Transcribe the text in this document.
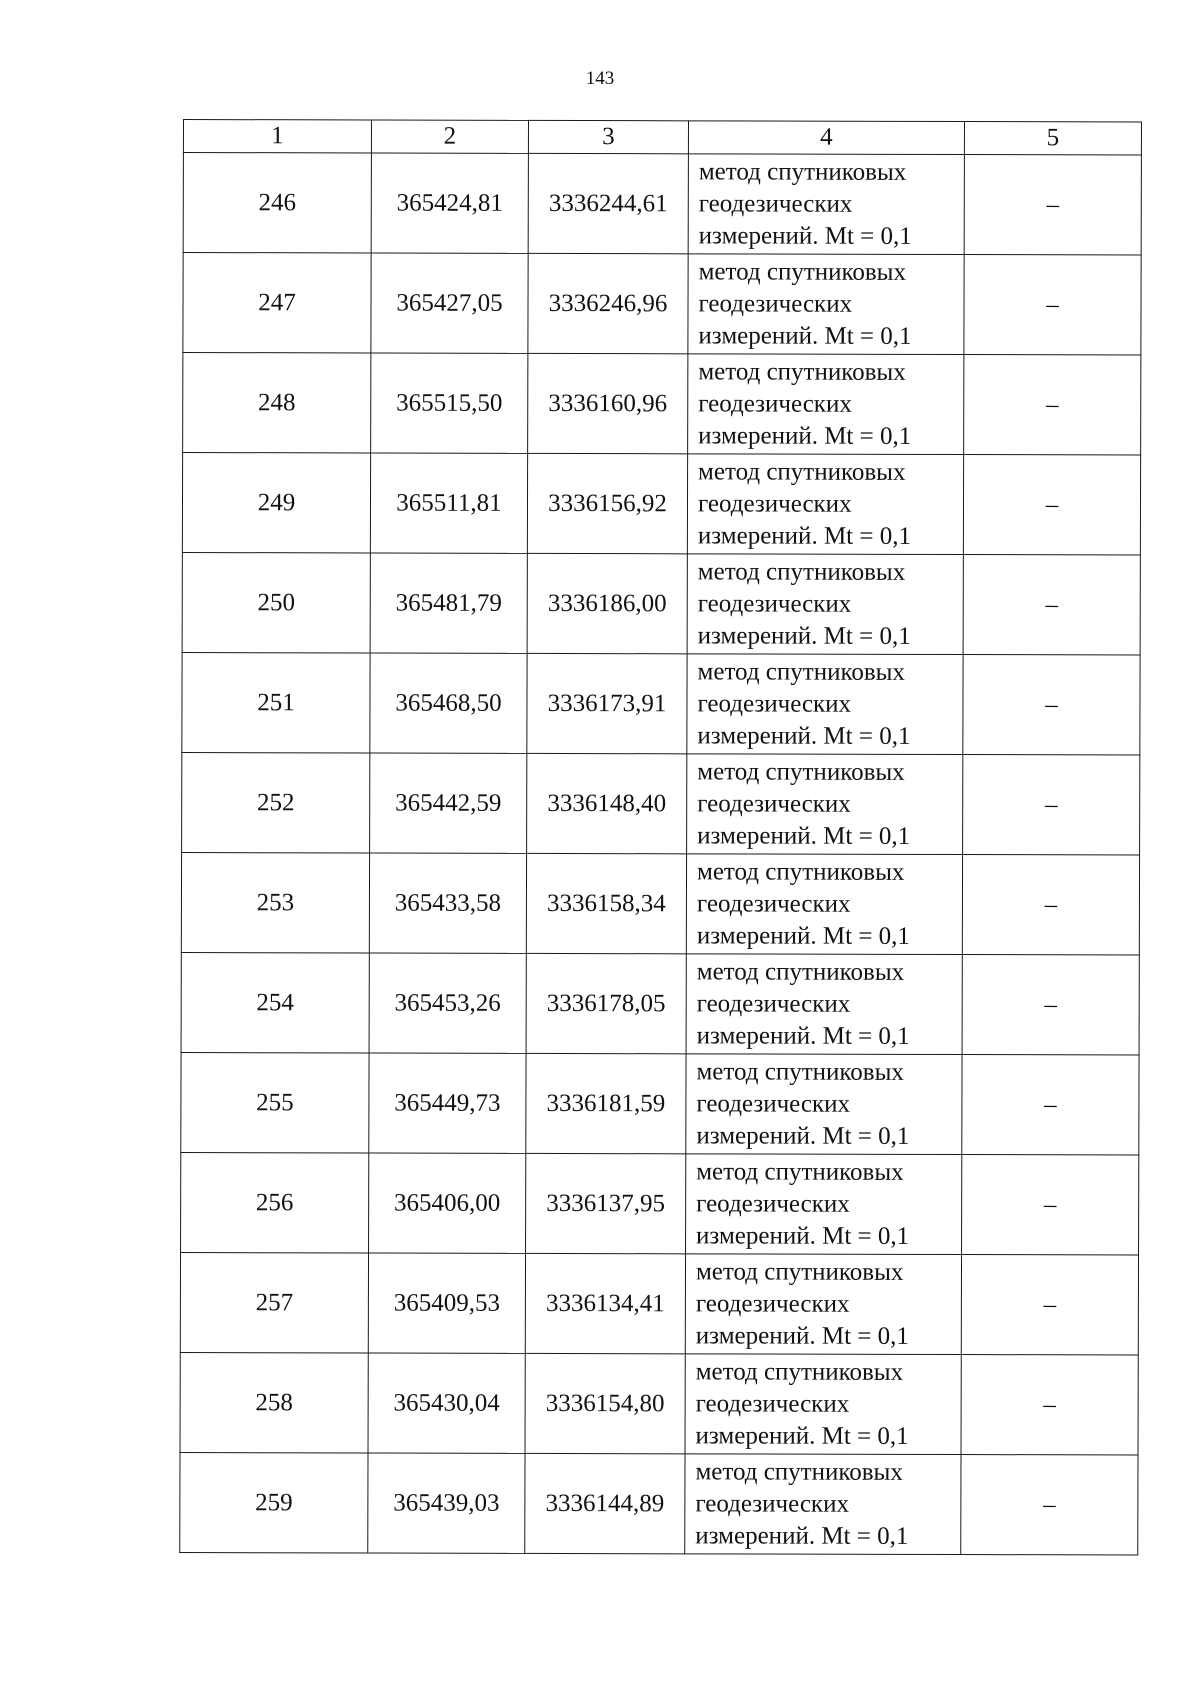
143
1	2	3	4	5
246	365424,81	3336244,61	метод спутниковых
геодезических
измерений. Mt = 0,1	–
247	365427,05	3336246,96	метод спутниковых
геодезических
измерений. Mt = 0,1	–
248	365515,50	3336160,96	метод спутниковых
геодезических
измерений. Mt = 0,1	–
249	365511,81	3336156,92	метод спутниковых
геодезических
измерений. Mt = 0,1	–
250	365481,79	3336186,00	метод спутниковых
геодезических
измерений. Mt = 0,1	–
251	365468,50	3336173,91	метод спутниковых
геодезических
измерений. Mt = 0,1	–
252	365442,59	3336148,40	метод спутниковых
геодезических
измерений. Mt = 0,1	–
253	365433,58	3336158,34	метод спутниковых
геодезических
измерений. Mt = 0,1	–
254	365453,26	3336178,05	метод спутниковых
геодезических
измерений. Mt = 0,1	–
255	365449,73	3336181,59	метод спутниковых
геодезических
измерений. Mt = 0,1	–
256	365406,00	3336137,95	метод спутниковых
геодезических
измерений. Mt = 0,1	–
257	365409,53	3336134,41	метод спутниковых
геодезических
измерений. Mt = 0,1	–
258	365430,04	3336154,80	метод спутниковых
геодезических
измерений. Mt = 0,1	–
259	365439,03	3336144,89	метод спутниковых
геодезических
измерений. Mt = 0,1	–
